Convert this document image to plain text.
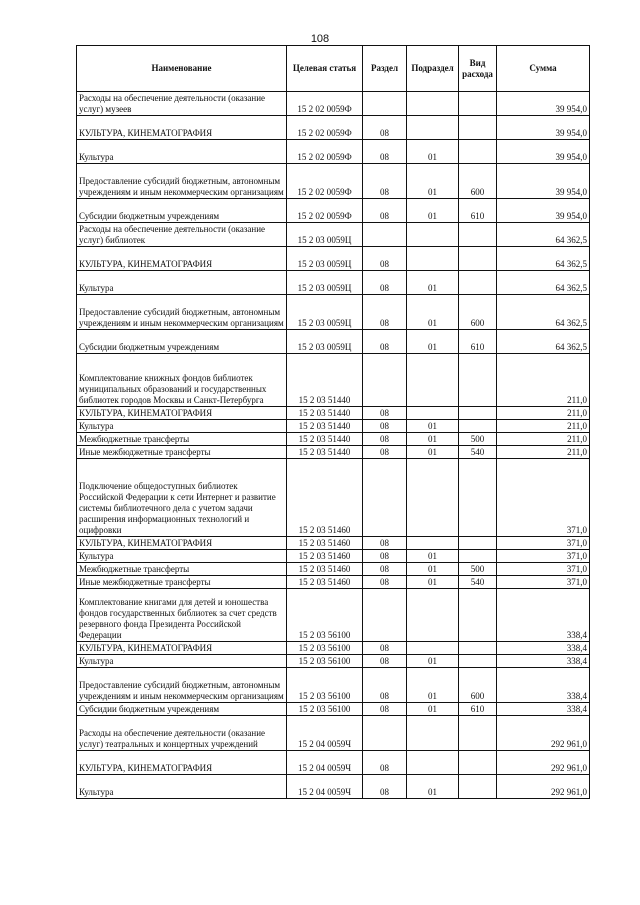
108
Наименование	Целевая статья	Раздел	Подраздел	Вид расхода	Сумма
Расходы на обеспечение деятельности (оказание услуг) музеев	15 2 02 0059Ф				39 954,0
КУЛЬТУРА, КИНЕМАТОГРАФИЯ	15 2 02 0059Ф	08			39 954,0
Культура	15 2 02 0059Ф	08	01		39 954,0
Предоставление субсидий бюджетным, автономным учреждениям и иным некоммерческим организациям	15 2 02 0059Ф	08	01	600	39 954,0
Субсидии бюджетным учреждениям	15 2 02 0059Ф	08	01	610	39 954,0
Расходы на обеспечение деятельности (оказание услуг) библиотек	15 2 03 0059Ц				64 362,5
КУЛЬТУРА, КИНЕМАТОГРАФИЯ	15 2 03 0059Ц	08			64 362,5
Культура	15 2 03 0059Ц	08	01		64 362,5
Предоставление субсидий бюджетным, автономным учреждениям и иным некоммерческим организациям	15 2 03 0059Ц	08	01	600	64 362,5
Субсидии бюджетным учреждениям	15 2 03 0059Ц	08	01	610	64 362,5
Комплектование книжных фондов библиотек муниципальных образований и государственных библиотек городов Москвы и Санкт-Петербурга	15 2 03 51440				211,0
КУЛЬТУРА, КИНЕМАТОГРАФИЯ	15 2 03 51440	08			211,0
Культура	15 2 03 51440	08	01		211,0
Межбюджетные трансферты	15 2 03 51440	08	01	500	211,0
Иные межбюджетные трансферты	15 2 03 51440	08	01	540	211,0
Подключение общедоступных библиотек Российской Федерации к сети Интернет и развитие системы библиотечного дела с учетом задачи расширения информационных технологий и оцифровки	15 2 03 51460				371,0
КУЛЬТУРА, КИНЕМАТОГРАФИЯ	15 2 03 51460	08			371,0
Культура	15 2 03 51460	08	01		371,0
Межбюджетные трансферты	15 2 03 51460	08	01	500	371,0
Иные межбюджетные трансферты	15 2 03 51460	08	01	540	371,0
Комплектование книгами для детей и юношества фондов государственных библиотек за счет средств резервного фонда Президента Российской Федерации	15 2 03 56100				338,4
КУЛЬТУРА, КИНЕМАТОГРАФИЯ	15 2 03 56100	08			338,4
Культура	15 2 03 56100	08	01		338,4
Предоставление субсидий бюджетным, автономным учреждениям и иным некоммерческим организациям	15 2 03 56100	08	01	600	338,4
Субсидии бюджетным учреждениям	15 2 03 56100	08	01	610	338,4
Расходы на обеспечение деятельности (оказание услуг) театральных и концертных учреждений	15 2 04 0059Ч				292 961,0
КУЛЬТУРА, КИНЕМАТОГРАФИЯ	15 2 04 0059Ч	08			292 961,0
Культура	15 2 04 0059Ч	08	01		292 961,0
